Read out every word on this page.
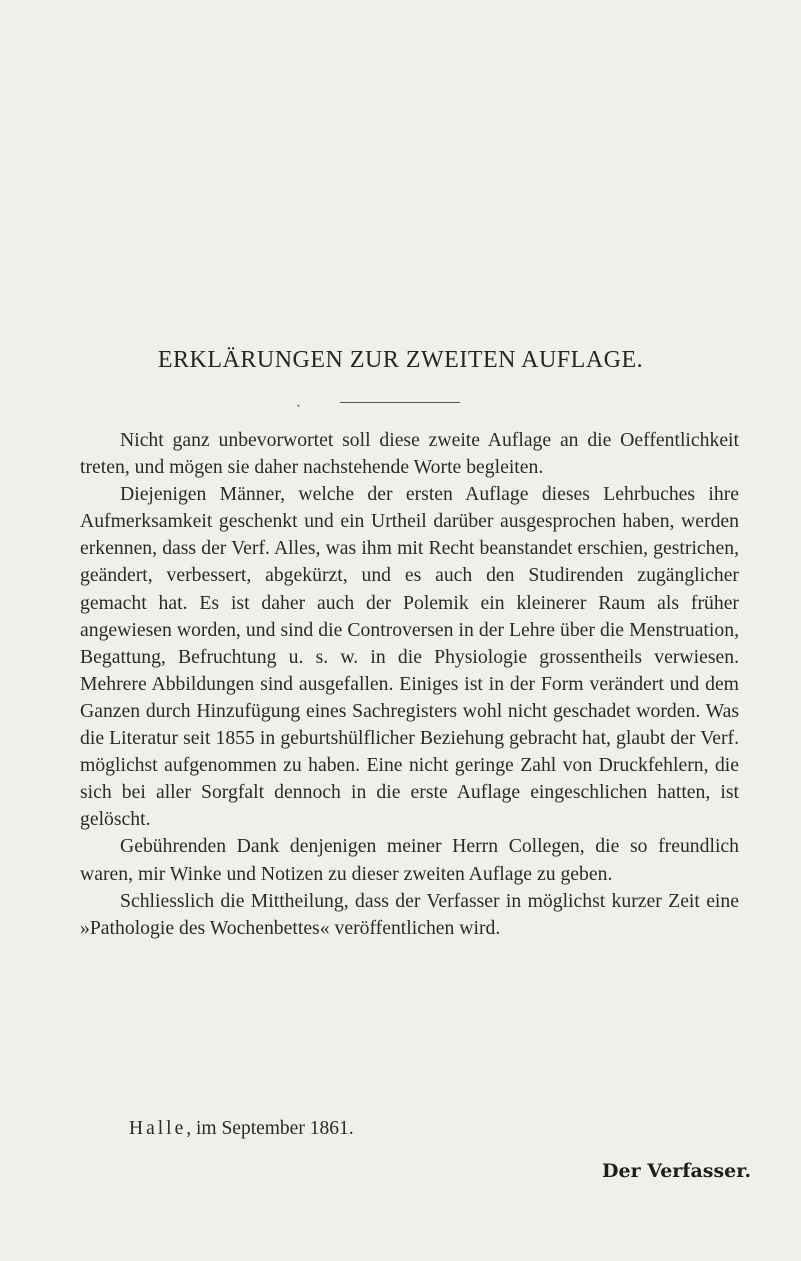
ERKLÄRUNGEN ZUR ZWEITEN AUFLAGE.
•

Nicht ganz unbevorwortet soll diese zweite Auflage an die Oeffentlichkeit treten, und mögen sie daher nachstehende Worte begleiten.

Diejenigen Männer, welche der ersten Auflage dieses Lehrbuches ihre Aufmerksamkeit geschenkt und ein Urtheil darüber ausgesprochen haben, werden erkennen, dass der Verf. Alles, was ihm mit Recht beanstandet erschien, gestrichen, geändert, verbessert, abgekürzt, und es auch den Studirenden zugänglicher gemacht hat. Es ist daher auch der Polemik ein kleinerer Raum als früher angewiesen worden, und sind die Controversen in der Lehre über die Menstruation, Begattung, Befruchtung u. s. w. in die Physiologie grossentheils verwiesen. Mehrere Abbildungen sind ausgefallen. Einiges ist in der Form verändert und dem Ganzen durch Hinzufügung eines Sachregisters wohl nicht geschadet worden. Was die Literatur seit 1855 in geburtshülflicher Beziehung gebracht hat, glaubt der Verf. möglichst aufgenommen zu haben. Eine nicht geringe Zahl von Druckfehlern, die sich bei aller Sorgfalt dennoch in die erste Auflage eingeschlichen hatten, ist gelöscht.

Gebührenden Dank denjenigen meiner Herrn Collegen, die so freundlich waren, mir Winke und Notizen zu dieser zweiten Auflage zu geben.

Schliesslich die Mittheilung, dass der Verfasser in möglichst kurzer Zeit eine »Pathologie des Wochenbettes« veröffentlichen wird.

Halle, im September 1861.
Der Verfasser.
